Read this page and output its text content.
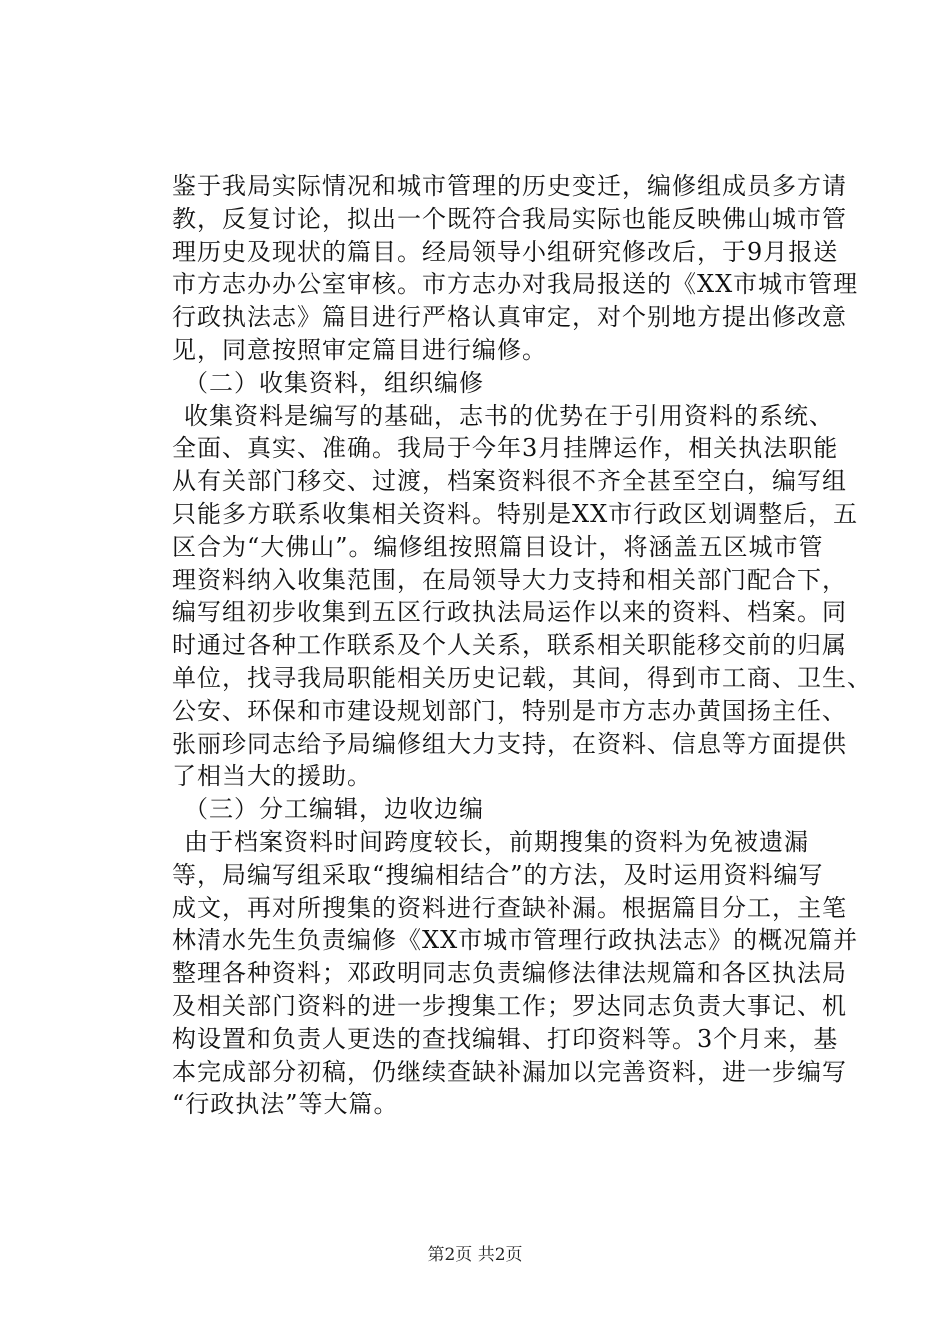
鉴于我局实际情况和城市管理的历史变迁，编修组成员多方请
教，反复讨论，拟出一个既符合我局实际也能反映佛山城市管
理历史及现状的篇目。经局领导小组研究修改后，于9月报送
市方志办办公室审核。市方志办对我局报送的《XX市城市管理
行政执法志》篇目进行严格认真审定，对个别地方提出修改意
见，同意按照审定篇目进行编修。
（二）收集资料，组织编修
收集资料是编写的基础，志书的优势在于引用资料的系统、
全面、真实、准确。我局于今年3月挂牌运作，相关执法职能
从有关部门移交、过渡，档案资料很不齐全甚至空白，编写组
只能多方联系收集相关资料。特别是XX市行政区划调整后，五
区合为“大佛山”。编修组按照篇目设计，将涵盖五区城市管
理资料纳入收集范围，在局领导大力支持和相关部门配合下，
编写组初步收集到五区行政执法局运作以来的资料、档案。同
时通过各种工作联系及个人关系，联系相关职能移交前的归属
单位，找寻我局职能相关历史记载，其间，得到市工商、卫生、
公安、环保和市建设规划部门，特别是市方志办黄国扬主任、
张丽珍同志给予局编修组大力支持，在资料、信息等方面提供
了相当大的援助。
（三）分工编辑，边收边编
由于档案资料时间跨度较长，前期搜集的资料为免被遗漏
等，局编写组采取“搜编相结合”的方法，及时运用资料编写
成文，再对所搜集的资料进行查缺补漏。根据篇目分工，主笔
林清水先生负责编修《XX市城市管理行政执法志》的概况篇并
整理各种资料；邓政明同志负责编修法律法规篇和各区执法局
及相关部门资料的进一步搜集工作；罗达同志负责大事记、机
构设置和负责人更迭的查找编辑、打印资料等。3个月来，基
本完成部分初稿，仍继续查缺补漏加以完善资料，进一步编写
“行政执法”等大篇。
第2页 共2页
